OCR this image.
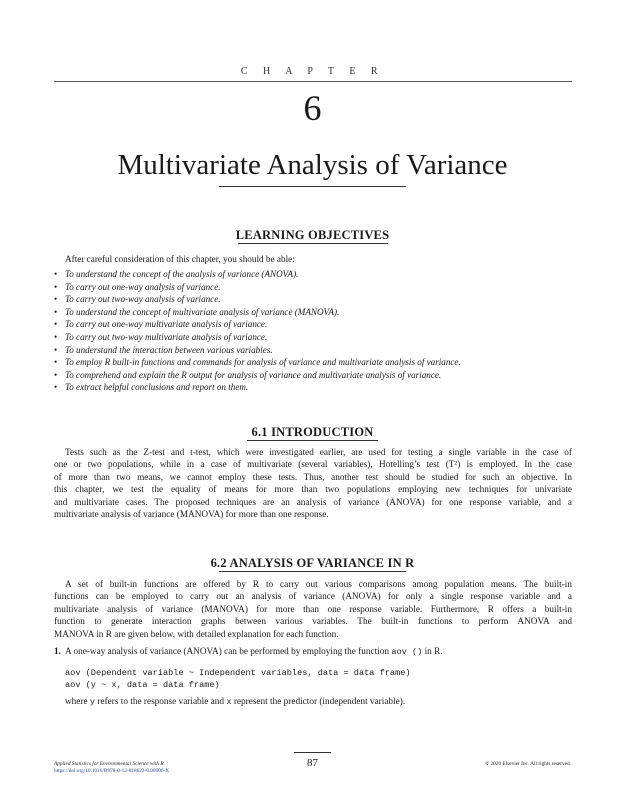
C H A P T E R
6
Multivariate Analysis of Variance
LEARNING OBJECTIVES
After careful consideration of this chapter, you should be able:
• To understand the concept of the analysis of variance (ANOVA).
• To carry out one-way analysis of variance.
• To carry out two-way analysis of variance.
• To understand the concept of multivariate analysis of variance (MANOVA).
• To carry out one-way multivariate analysis of variance.
• To carry out two-way multivariate analysis of variance.
• To understand the interaction between various variables.
• To employ R built-in functions and commands for analysis of variance and multivariate analysis of variance.
• To comprehend and explain the R output for analysis of variance and multivariate analysis of variance.
• To extract helpful conclusions and report on them.
6.1 INTRODUCTION
Tests such as the Z-test and t-test, which were investigated earlier, are used for testing a single variable in the case of
one or two populations, while in a case of multivariate (several variables), Hotelling’s test (T²) is employed. In the case
of more than two means, we cannot employ these tests. Thus, another test should be studied for such an objective. In
this chapter, we test the equality of means for more than two populations employing new techniques for univariate
and multivariate cases. The proposed techniques are an analysis of variance (ANOVA) for one response variable, and a
multivariate analysis of variance (MANOVA) for more than one response.
6.2 ANALYSIS OF VARIANCE IN R
A set of built-in functions are offered by R to carry out various comparisons among population means. The built-in
functions can be employed to carry out an analysis of variance (ANOVA) for only a single response variable and a
multivariate analysis of variance (MANOVA) for more than one response variable. Furthermore, R offers a built-in
function to generate interaction graphs between various variables. The built-in functions to perform ANOVA and
MANOVA in R are given below, with detailed explanation for each function.
1. A one-way analysis of variance (ANOVA) can be performed by employing the function aov () in R.
aov (Dependent variable ~ Independent variables, data = data frame)
aov (y ~ x, data = data frame)
where y refers to the response variable and x represent the predictor (independent variable).
87
Applied Statistics for Environmental Science with R
https://doi.org/10.1016/B978-0-12-818622-0.00006-X
© 2020 Elsevier Inc. All rights reserved.
